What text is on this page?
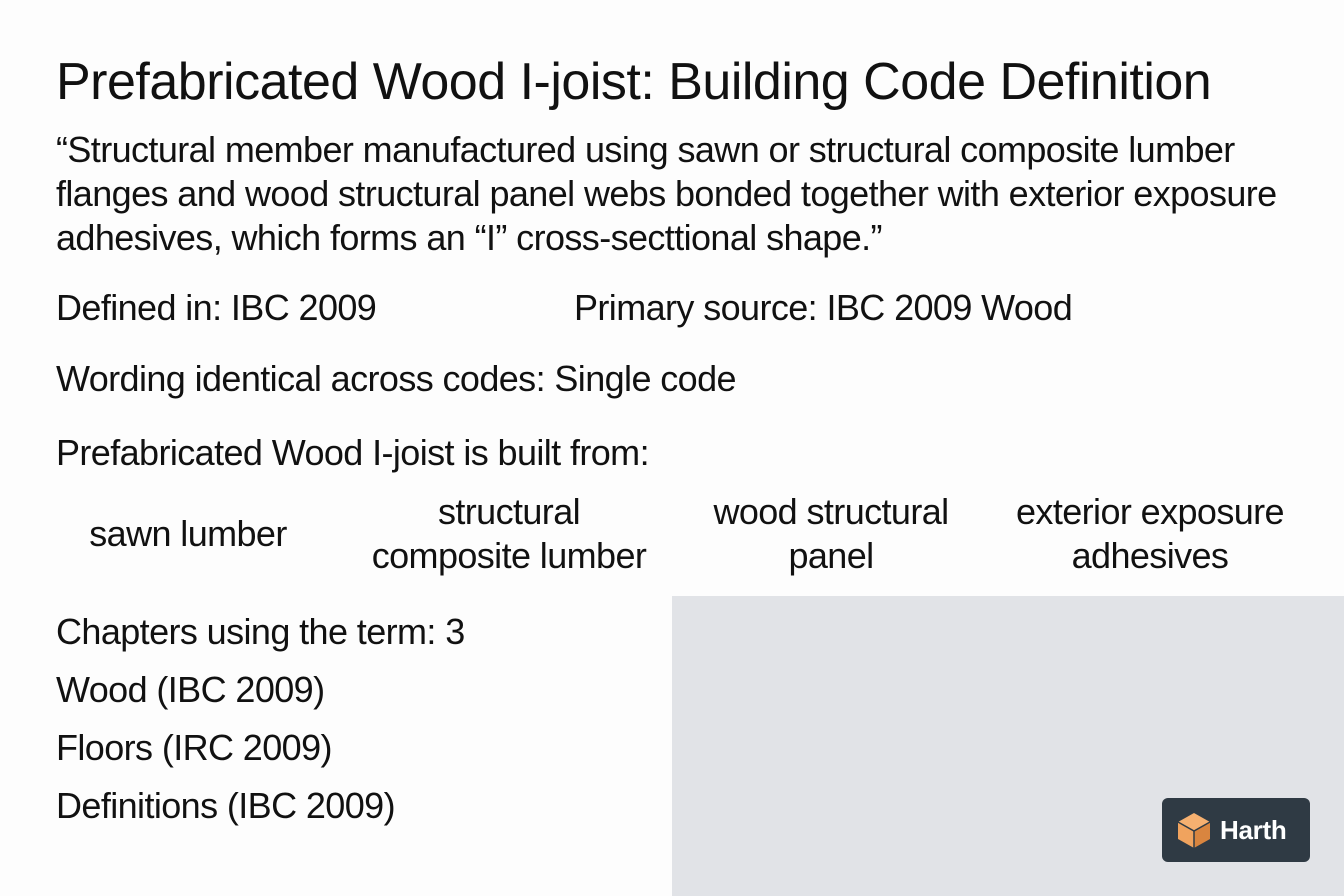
Prefabricated Wood I-joist: Building Code Definition

“Structural member manufactured using sawn or structural composite lumber flanges and wood structural panel webs bonded together with exterior exposure adhesives, which forms an “I” cross-secttional shape.”

Defined in: IBC 2009	Primary source: IBC 2009 Wood
Wording identical across codes: Single code
Prefabricated Wood I-joist is built from:
sawn lumber
structural
composite lumber
wood structural
panel
exterior exposure
adhesives
Chapters using the term: 3
Wood (IBC 2009)
Floors (IRC 2009)
Definitions (IBC 2009)
Harth
